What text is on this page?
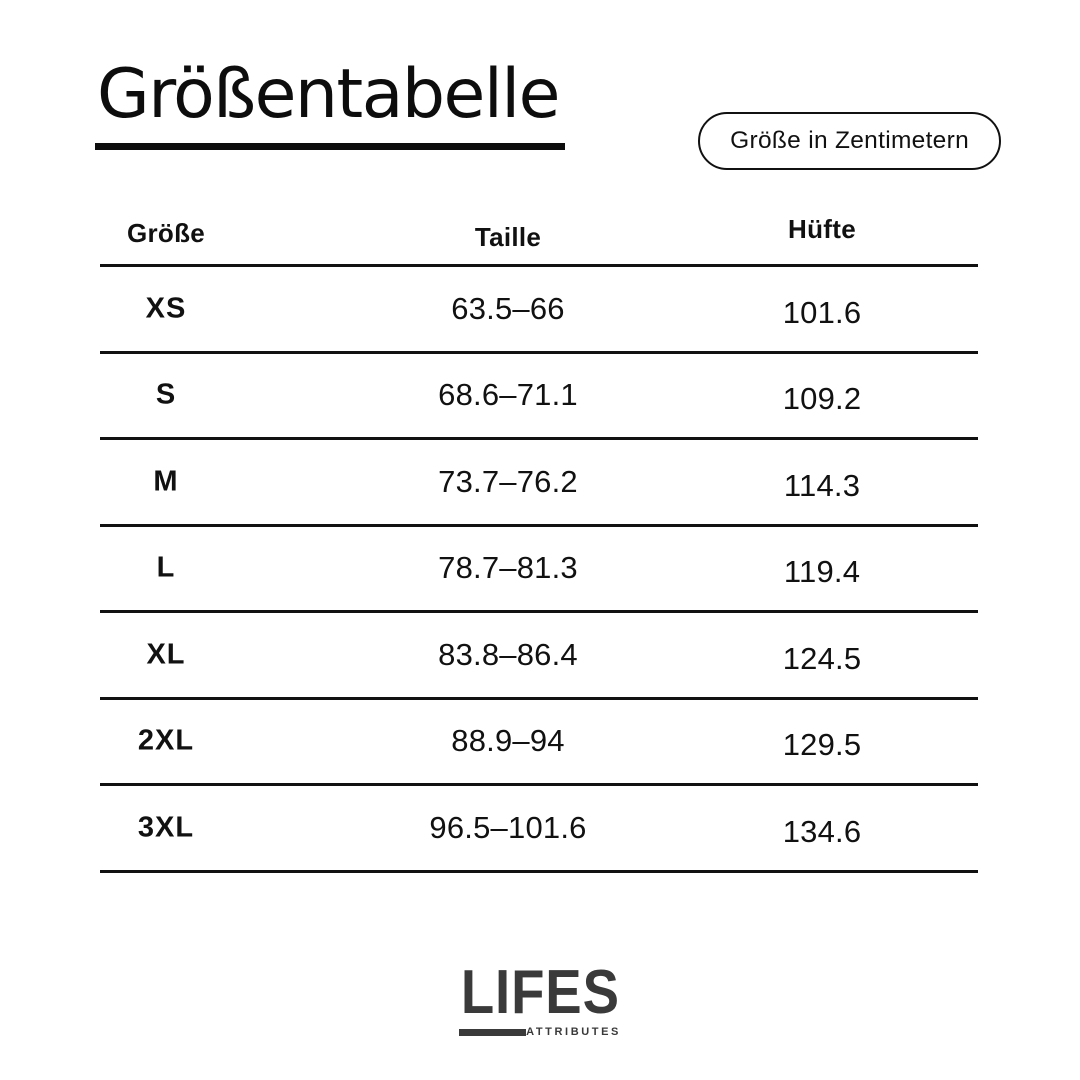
Größentabelle
Größe in Zentimetern
Größe	Taille	Hüfte
XS	63.5–66	101.6
S	68.6–71.1	109.2
M	73.7–76.2	114.3
L	78.7–81.3	119.4
XL	83.8–86.4	124.5
2XL	88.9–94	129.5
3XL	96.5–101.6	134.6
LIFES
ATTRIBUTES
